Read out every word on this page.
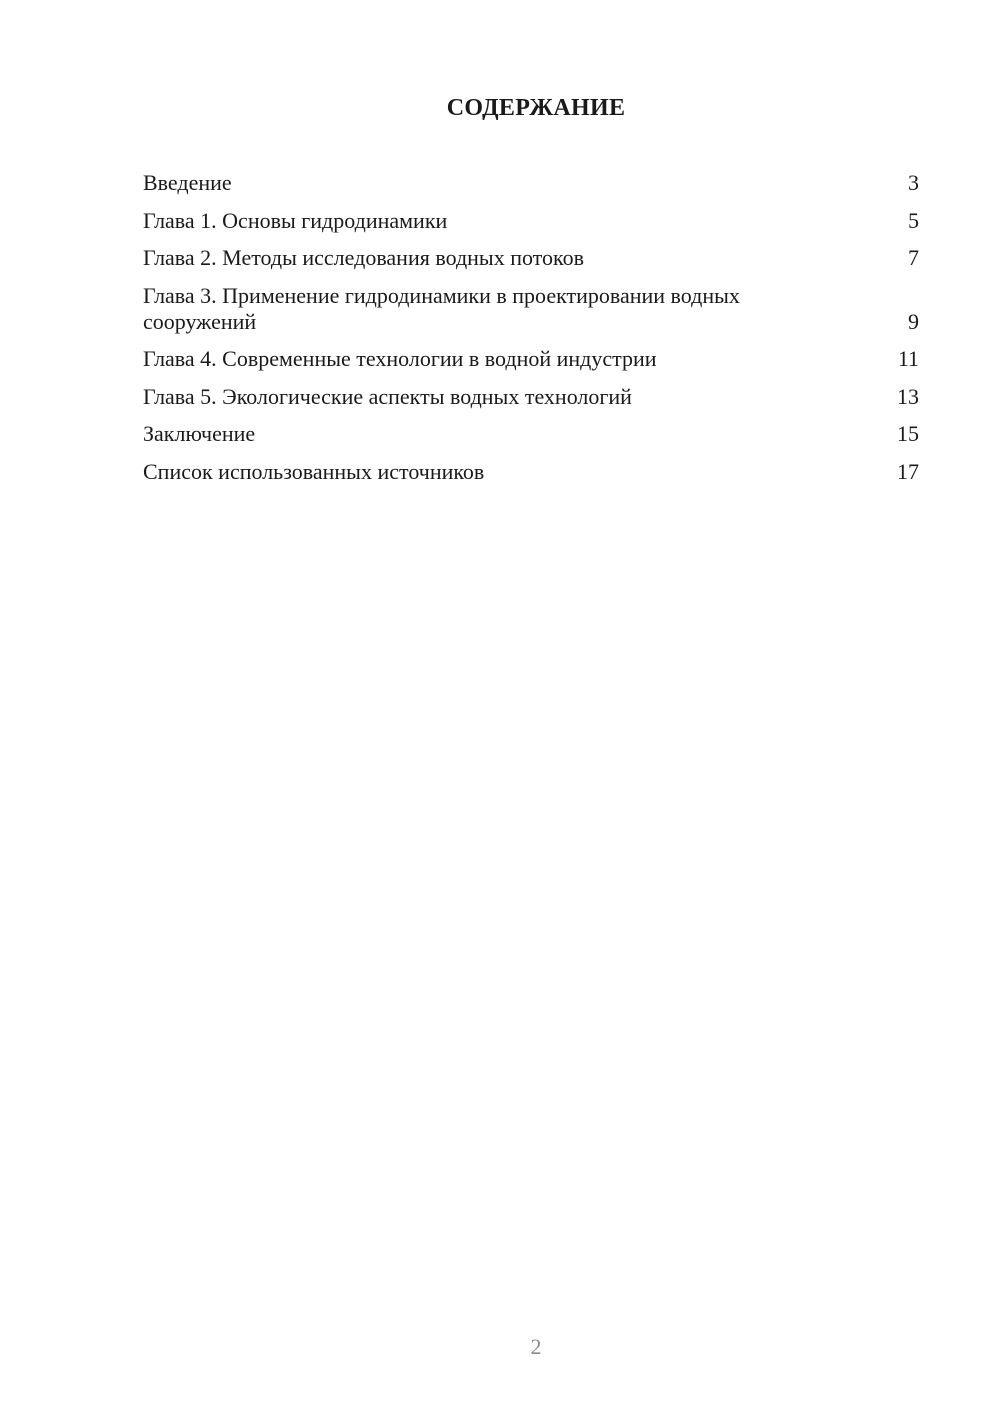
СОДЕРЖАНИЕ
Введение	3
Глава 1. Основы гидродинамики	5
Глава 2. Методы исследования водных потоков	7
Глава 3. Применение гидродинамики в проектировании водных сооружений	9
Глава 4. Современные технологии в водной индустрии	11
Глава 5. Экологические аспекты водных технологий	13
Заключение	15
Список использованных источников	17
2
